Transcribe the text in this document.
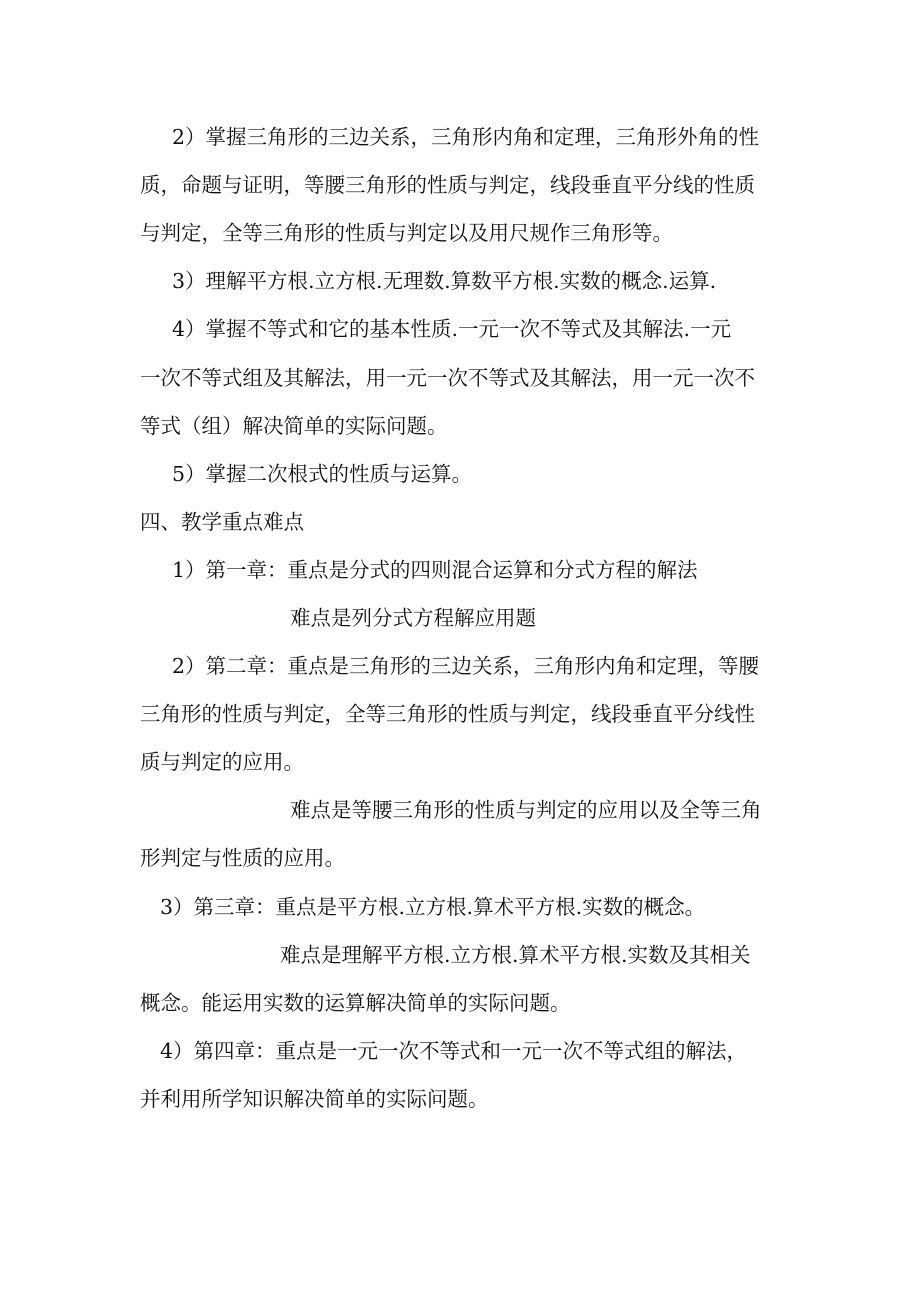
2）掌握三角形的三边关系，三角形内角和定理，三角形外角的性
质，命题与证明，等腰三角形的性质与判定，线段垂直平分线的性质
与判定，全等三角形的性质与判定以及用尺规作三角形等。
3）理解平方根.立方根.无理数.算数平方根.实数的概念.运算.
4）掌握不等式和它的基本性质.一元一次不等式及其解法.一元
一次不等式组及其解法，用一元一次不等式及其解法，用一元一次不
等式（组）解决简单的实际问题。
5）掌握二次根式的性质与运算。
四、教学重点难点
1）第一章：重点是分式的四则混合运算和分式方程的解法
难点是列分式方程解应用题
2）第二章：重点是三角形的三边关系，三角形内角和定理，等腰
三角形的性质与判定，全等三角形的性质与判定，线段垂直平分线性
质与判定的应用。
难点是等腰三角形的性质与判定的应用以及全等三角
形判定与性质的应用。
3）第三章：重点是平方根.立方根.算术平方根.实数的概念。
难点是理解平方根.立方根.算术平方根.实数及其相关
概念。能运用实数的运算解决简单的实际问题。
4）第四章：重点是一元一次不等式和一元一次不等式组的解法，
并利用所学知识解决简单的实际问题。
